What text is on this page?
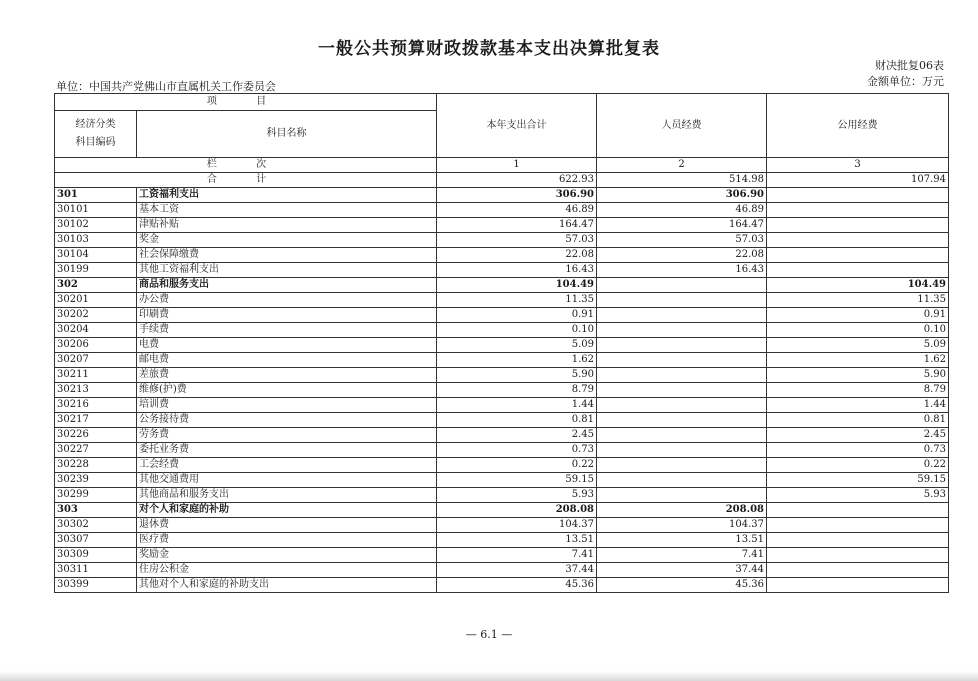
一般公共预算财政拨款基本支出决算批复表
财决批复06表
金额单位：万元
单位：中国共产党佛山市直属机关工作委员会
项 目		本年支出合计	人员经费	公用经费
经济分类
科目编码	科目名称			
栏 次		1	2	3
合 计		622.93	514.98	107.94
301	工资福利支出	306.90	306.90	
30101	基本工资	46.89	46.89	
30102	津贴补贴	164.47	164.47	
30103	奖金	57.03	57.03	
30104	社会保障缴费	22.08	22.08	
30199	其他工资福利支出	16.43	16.43	
302	商品和服务支出	104.49		104.49
30201	办公费	11.35		11.35
30202	印刷费	0.91		0.91
30204	手续费	0.10		0.10
30206	电费	5.09		5.09
30207	邮电费	1.62		1.62
30211	差旅费	5.90		5.90
30213	维修(护)费	8.79		8.79
30216	培训费	1.44		1.44
30217	公务接待费	0.81		0.81
30226	劳务费	2.45		2.45
30227	委托业务费	0.73		0.73
30228	工会经费	0.22		0.22
30239	其他交通费用	59.15		59.15
30299	其他商品和服务支出	5.93		5.93
303	对个人和家庭的补助	208.08	208.08	
30302	退休费	104.37	104.37	
30307	医疗费	13.51	13.51	
30309	奖励金	7.41	7.41	
30311	住房公积金	37.44	37.44	
30399	其他对个人和家庭的补助支出	45.36	45.36	
— 6.1 —
